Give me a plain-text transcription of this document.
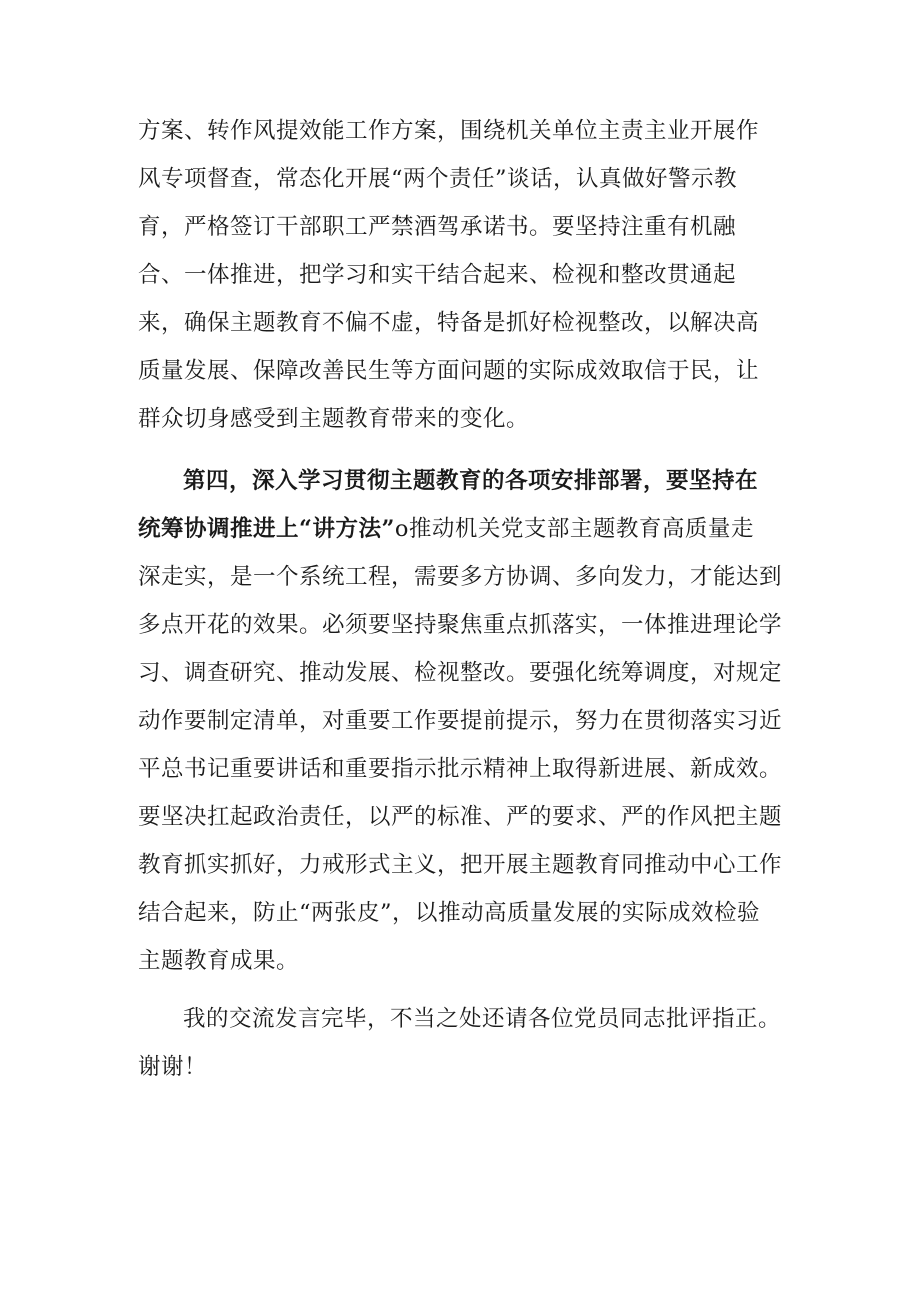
方案、转作风提效能工作方案，围绕机关单位主责主业开展作
风专项督查，常态化开展“两个责任”谈话，认真做好警示教
育，严格签订干部职工严禁酒驾承诺书。要坚持注重有机融
合、一体推进，把学习和实干结合起来、检视和整改贯通起
来，确保主题教育不偏不虚，特备是抓好检视整改，以解决高
质量发展、保障改善民生等方面问题的实际成效取信于民，让
群众切身感受到主题教育带来的变化。
第四，深入学习贯彻主题教育的各项安排部署，要坚持在
统筹协调推进上“讲方法”o推动机关党支部主题教育高质量走
深走实，是一个系统工程，需要多方协调、多向发力，才能达到
多点开花的效果。必须要坚持聚焦重点抓落实，一体推进理论学
习、调查研究、推动发展、检视整改。要强化统筹调度，对规定
动作要制定清单，对重要工作要提前提示，努力在贯彻落实习近
平总书记重要讲话和重要指示批示精神上取得新进展、新成效。
要坚决扛起政治责任，以严的标准、严的要求、严的作风把主题
教育抓实抓好，力戒形式主义，把开展主题教育同推动中心工作
结合起来，防止“两张皮”，以推动高质量发展的实际成效检验
主题教育成果。
我的交流发言完毕，不当之处还请各位党员同志批评指正。
谢谢！
